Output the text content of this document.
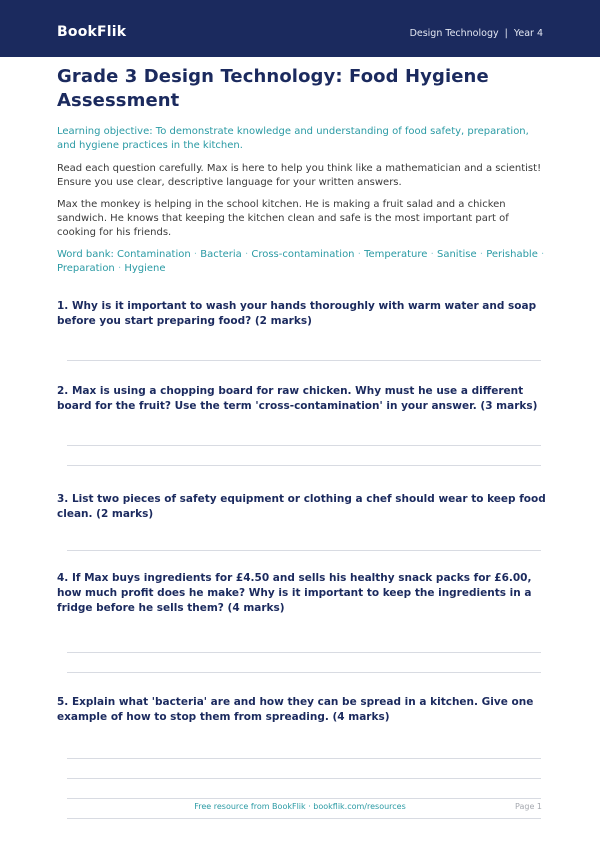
BookFlik	Design Technology | Year 4
Grade 3 Design Technology: Food Hygiene Assessment
Learning objective: To demonstrate knowledge and understanding of food safety, preparation, and hygiene practices in the kitchen.
Read each question carefully. Max is here to help you think like a mathematician and a scientist! Ensure you use clear, descriptive language for your written answers.
Max the monkey is helping in the school kitchen. He is making a fruit salad and a chicken sandwich. He knows that keeping the kitchen clean and safe is the most important part of cooking for his friends.
Word bank: Contamination · Bacteria · Cross-contamination · Temperature · Sanitise · Perishable · Preparation · Hygiene
1. Why is it important to wash your hands thoroughly with warm water and soap before you start preparing food? (2 marks)
2. Max is using a chopping board for raw chicken. Why must he use a different board for the fruit? Use the term 'cross-contamination' in your answer. (3 marks)
3. List two pieces of safety equipment or clothing a chef should wear to keep food clean. (2 marks)
4. If Max buys ingredients for £4.50 and sells his healthy snack packs for £6.00, how much profit does he make? Why is it important to keep the ingredients in a fridge before he sells them? (4 marks)
5. Explain what 'bacteria' are and how they can be spread in a kitchen. Give one example of how to stop them from spreading. (4 marks)
Free resource from BookFlik · bookflik.com/resources	Page 1
